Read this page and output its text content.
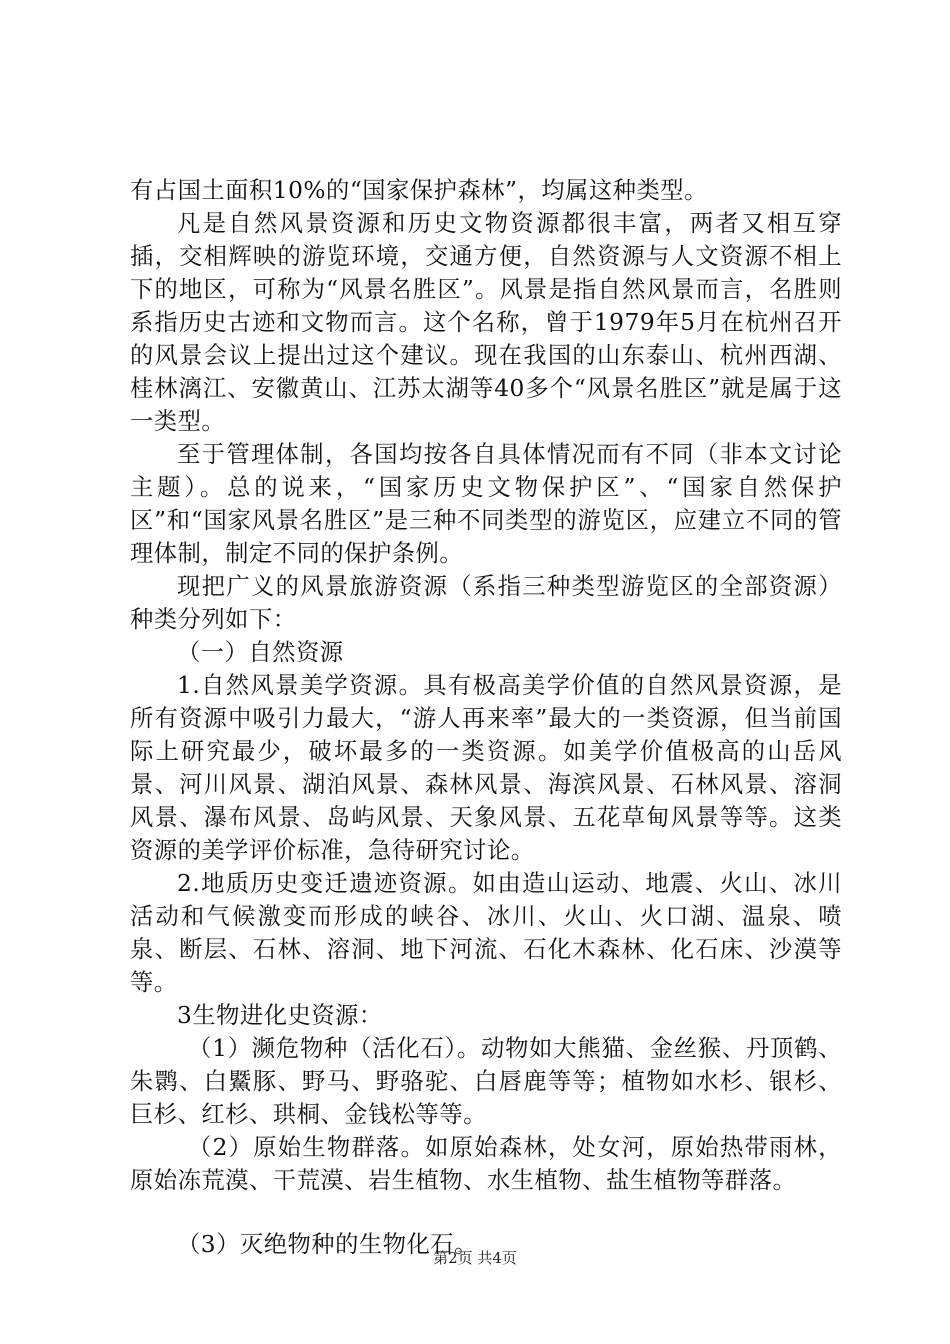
有占国土面积10%的“国家保护森林”，均属这种类型。

凡是自然风景资源和历史文物资源都很丰富，两者又相互穿插，交相辉映的游览环境，交通方便，自然资源与人文资源不相上下的地区，可称为“风景名胜区”。风景是指自然风景而言，名胜则系指历史古迹和文物而言。这个名称，曾于1979年5月在杭州召开的风景会议上提出过这个建议。现在我国的山东泰山、杭州西湖、桂林漓江、安徽黄山、江苏太湖等40多个“风景名胜区”就是属于这一类型。

至于管理体制，各国均按各自具体情况而有不同（非本文讨论主题）。总的说来，“国家历史文物保护区”、“国家自然保护区”和“国家风景名胜区”是三种不同类型的游览区，应建立不同的管理体制，制定不同的保护条例。

现把广义的风景旅游资源（系指三种类型游览区的全部资源）种类分列如下：

（一）自然资源

1.自然风景美学资源。具有极高美学价值的自然风景资源，是所有资源中吸引力最大，“游人再来率”最大的一类资源，但当前国际上研究最少，破坏最多的一类资源。如美学价值极高的山岳风景、河川风景、湖泊风景、森林风景、海滨风景、石林风景、溶洞风景、瀑布风景、岛屿风景、天象风景、五花草甸风景等等。这类资源的美学评价标准，急待研究讨论。

2.地质历史变迁遗迹资源。如由造山运动、地震、火山、冰川活动和气候激变而形成的峡谷、冰川、火山、火口湖、温泉、喷泉、断层、石林、溶洞、地下河流、石化木森林、化石床、沙漠等等。

3生物进化史资源：

（1）濒危物种（活化石）。动物如大熊猫、金丝猴、丹顶鹤、朱鹮、白鱀豚、野马、野骆驼、白唇鹿等等；植物如水杉、银杉、巨杉、红杉、珙桐、金钱松等等。

（2）原始生物群落。如原始森林，处女河，原始热带雨林，原始冻荒漠、干荒漠、岩生植物、水生植物、盐生植物等群落。

（3）灭绝物种的生物化石。

第2页 共4页
